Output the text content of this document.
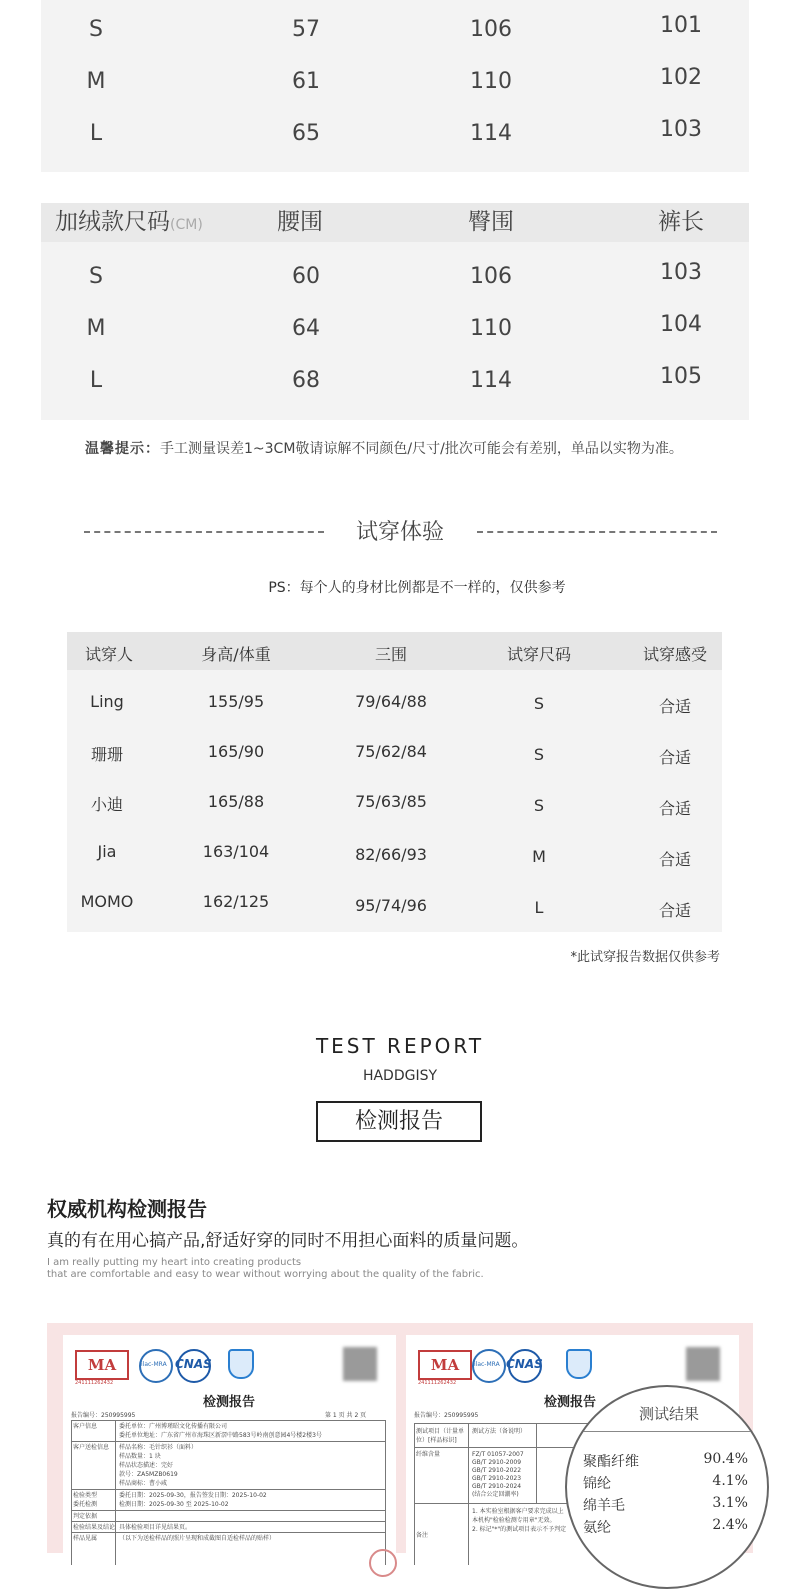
S	57	106	101
M	61	110	102
L	65	114	103
加绒款尺码(CM)	腰围	臀围	裤长
S	60	106	103
M	64	110	104
L	68	114	105
温馨提示：手工测量误差1~3CM敬请谅解不同颜色/尺寸/批次可能会有差别，单品以实物为准。
试穿体验
PS：每个人的身材比例都是不一样的，仅供参考
试穿人	身高/体重	三围	试穿尺码	试穿感受
Ling	155/95	79/64/88	S	合适
珊珊	165/90	75/62/84	S	合适
小迪	165/88	75/63/85	S	合适
Jia	163/104	82/66/93	M	合适
MOMO	162/125	95/74/96	L	合适
*此试穿报告数据仅供参考
TEST REPORT
HADDGISY
检测报告
权威机构检测报告
真的有在用心搞产品,舒适好穿的同时不用担心面料的质量问题。
I am really putting my heart into creating products
that are comfortable and easy to wear without worrying about the quality of the fabric.
MA
241111262432
ilac-MRA CNAS
检测报告
报告编号：250995995	第 1 页 共 2 页
客户信息	委托单位：广州博瑾昭文化传播有限公司
委托单位地址：广东省广州市海珠区新滘中路583号岭南创意园4号楼2楼3号
客户送检信息 样品名称：毛针织衫（面料）
样品数量：1 块
样品状态描述：完好
款号：ZA5MZB0619
样品商标：曹小咸
检验类型
委托检测
委托日期：2025-09-30，报告签发日期：2025-10-02
检测日期：2025-09-30 至 2025-10-02
判定依据
检验结果及结论 具体检验项目详见结果页。
样品见属	（以下为送检样品的照片呈现和成截图自适检样品的贴样）
MA
241111262432
ilac-MRA CNAS
检测报告
报告编号：250995995
测试项目（计量单位）[样品标识]
测试方法（备说明）
纤维含量	FZ/T 01057-2007
GB/T 2910-2009
GB/T 2910-2022
GB/T 2910-2023
GB/T 2910-2024
(结合公定回潮率)
备注
1. 本实验室根据客户要求完成以上
本机构"检验检测专用章"无效。
2. 标记"*"的测试项目表示不予判定
测试结果
聚酯纤维	90.4%
锦纶	4.1%
绵羊毛	3.1%
氨纶	2.4%
